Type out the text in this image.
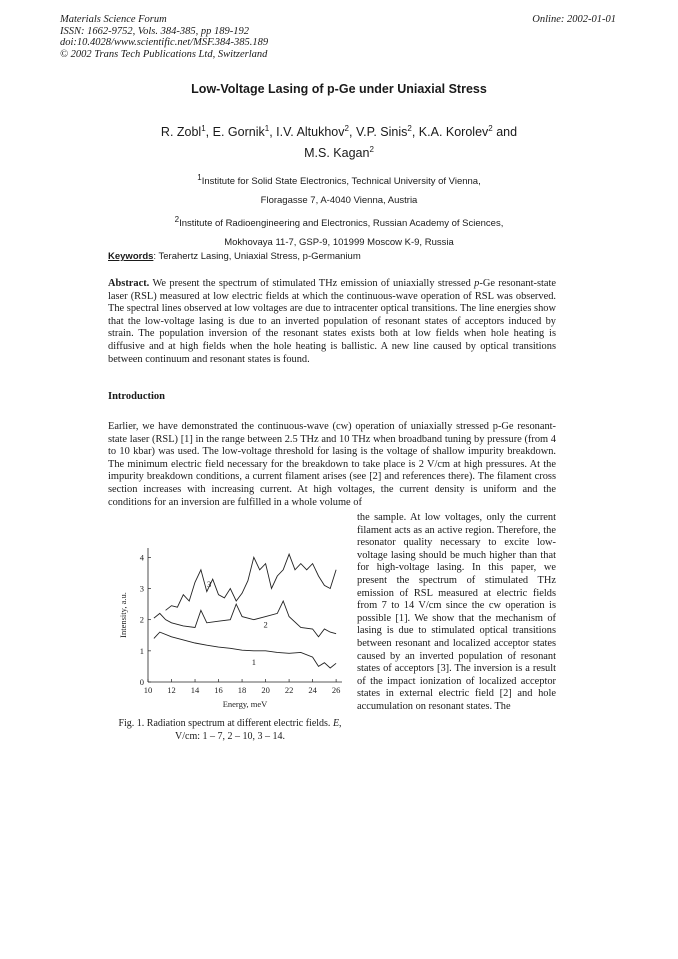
Materials Science Forum
ISSN: 1662-9752, Vols. 384-385, pp 189-192
doi:10.4028/www.scientific.net/MSF.384-385.189
© 2002 Trans Tech Publications Ltd, Switzerland
Online: 2002-01-01
Low-Voltage Lasing of p-Ge under Uniaxial Stress
R. Zobl$^1$, E. Gornik$^1$, I.V. Altukhov$^2$, V.P. Sinis$^2$, K.A. Korolev$^2$ and
M.S. Kagan$^2$
$^1$Institute for Solid State Electronics, Technical University of Vienna,
Floragasse 7, A-4040 Vienna, Austria
$^2$Institute of Radioengineering and Electronics, Russian Academy of Sciences,
Mokhovaya 11-7, GSP-9, 101999 Moscow K-9, Russia
Keywords: Terahertz Lasing, Uniaxial Stress, p-Germanium
Abstract. We present the spectrum of stimulated THz emission of uniaxially stressed p-Ge resonant-state laser (RSL) measured at low electric fields at which the continuous-wave operation of RSL was observed. The spectral lines observed at low voltages are due to intracenter optical transitions. The line energies show that the low-voltage lasing is due to an inverted population of resonant states of acceptors induced by strain. The population inversion of the resonant states exists both at low fields when hole heating is diffusive and at high fields when the hole heating is ballistic. A new line caused by optical transitions between continuum and resonant states is found.
Introduction
Earlier, we have demonstrated the continuous-wave (cw) operation of uniaxially stressed p-Ge resonant-state laser (RSL) [1] in the range between 2.5 THz and 10 THz when broadband tuning by pressure (from 4 to 10 kbar) was used. The low-voltage threshold for lasing is the voltage of shallow impurity breakdown. The minimum electric field necessary for the breakdown to take place is 2 V/cm at high pressures. At the impurity breakdown conditions, a current filament arises (see [2] and references there). The filament cross section increases with increasing current. At high voltages, the current density is uniform and the conditions for an inversion are fulfilled in a whole volume of
the sample. At low voltages, only the current filament acts as an active region. Therefore, the resonator quality necessary to excite low-voltage lasing should be much higher than that for high-voltage lasing. In this paper, we present the spectrum of stimulated THz emission of RSL measured at electric fields from 7 to 14 V/cm since the cw operation is possible [1]. We show that the mechanism of lasing is due to stimulated optical transitions between resonant and localized acceptor states caused by an inverted population of resonant states of acceptors [3]. The inversion is a result of the impact ionization of localized acceptor states in external electric field [2] and hole accumulation on resonant states. The
10 12 14 16 18 20 22 24 26
0
1
2
3
4
Energy, meV
Intensity, a.u.
1
2
3
Fig. 1. Radiation spectrum at different electric fields. E, V/cm: 1 – 7, 2 – 10, 3 – 14.
